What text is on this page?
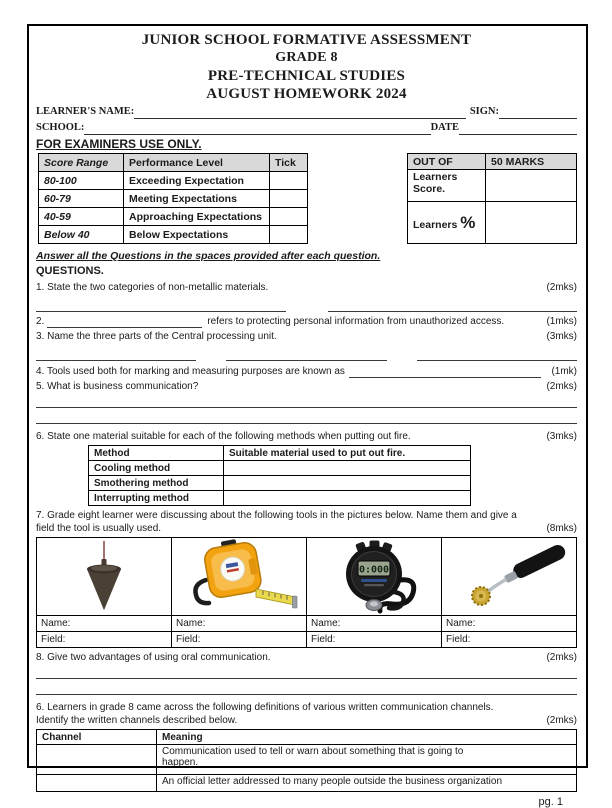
JUNIOR SCHOOL FORMATIVE ASSESSMENT
GRADE 8
PRE-TECHNICAL STUDIES
AUGUST HOMEWORK 2024
LEARNER'S NAME:	SIGN:
SCHOOL:	DATE
FOR EXAMINERS USE ONLY.
Score Range	Performance Level	Tick
80-100	Exceeding Expectation	
60-79	Meeting Expectations	
40-59	Approaching Expectations	
Below 40	Below Expectations	
OUT OF	50 MARKS
Learners Score.	
Learners %	
Answer all the Questions in the spaces provided after each question.
QUESTIONS.
1. State the two categories of non-metallic materials.	(2mks)
2.	refers to protecting personal information from unauthorized access.	(1mks)
3. Name the three parts of the Central processing unit.	(3mks)
4. Tools used both for marking and measuring purposes are known as	(1mk)
5. What is business communication?	(2mks)
6. State one material suitable for each of the following methods when putting out fire.	(3mks)
Method	Suitable material used to put out fire.
Cooling method	
Smothering method	
Interrupting method	
7. Grade eight learner were discussing about the following tools in the pictures below. Name them and give a
field the tool is usually used.	(8mks)

0:000

Name:	Name:	Name:	Name:
Field:	Field:	Field:	Field:
8. Give two advantages of using oral communication.	(2mks)
6. Learners in grade 8 came across the following definitions of various written communication channels.
Identify the written channels described below.	(2mks)
Channel	Meaning

	Communication used to tell or warn about something that is going to happen.

	An official letter addressed to many people outside the business organization
pg. 1
